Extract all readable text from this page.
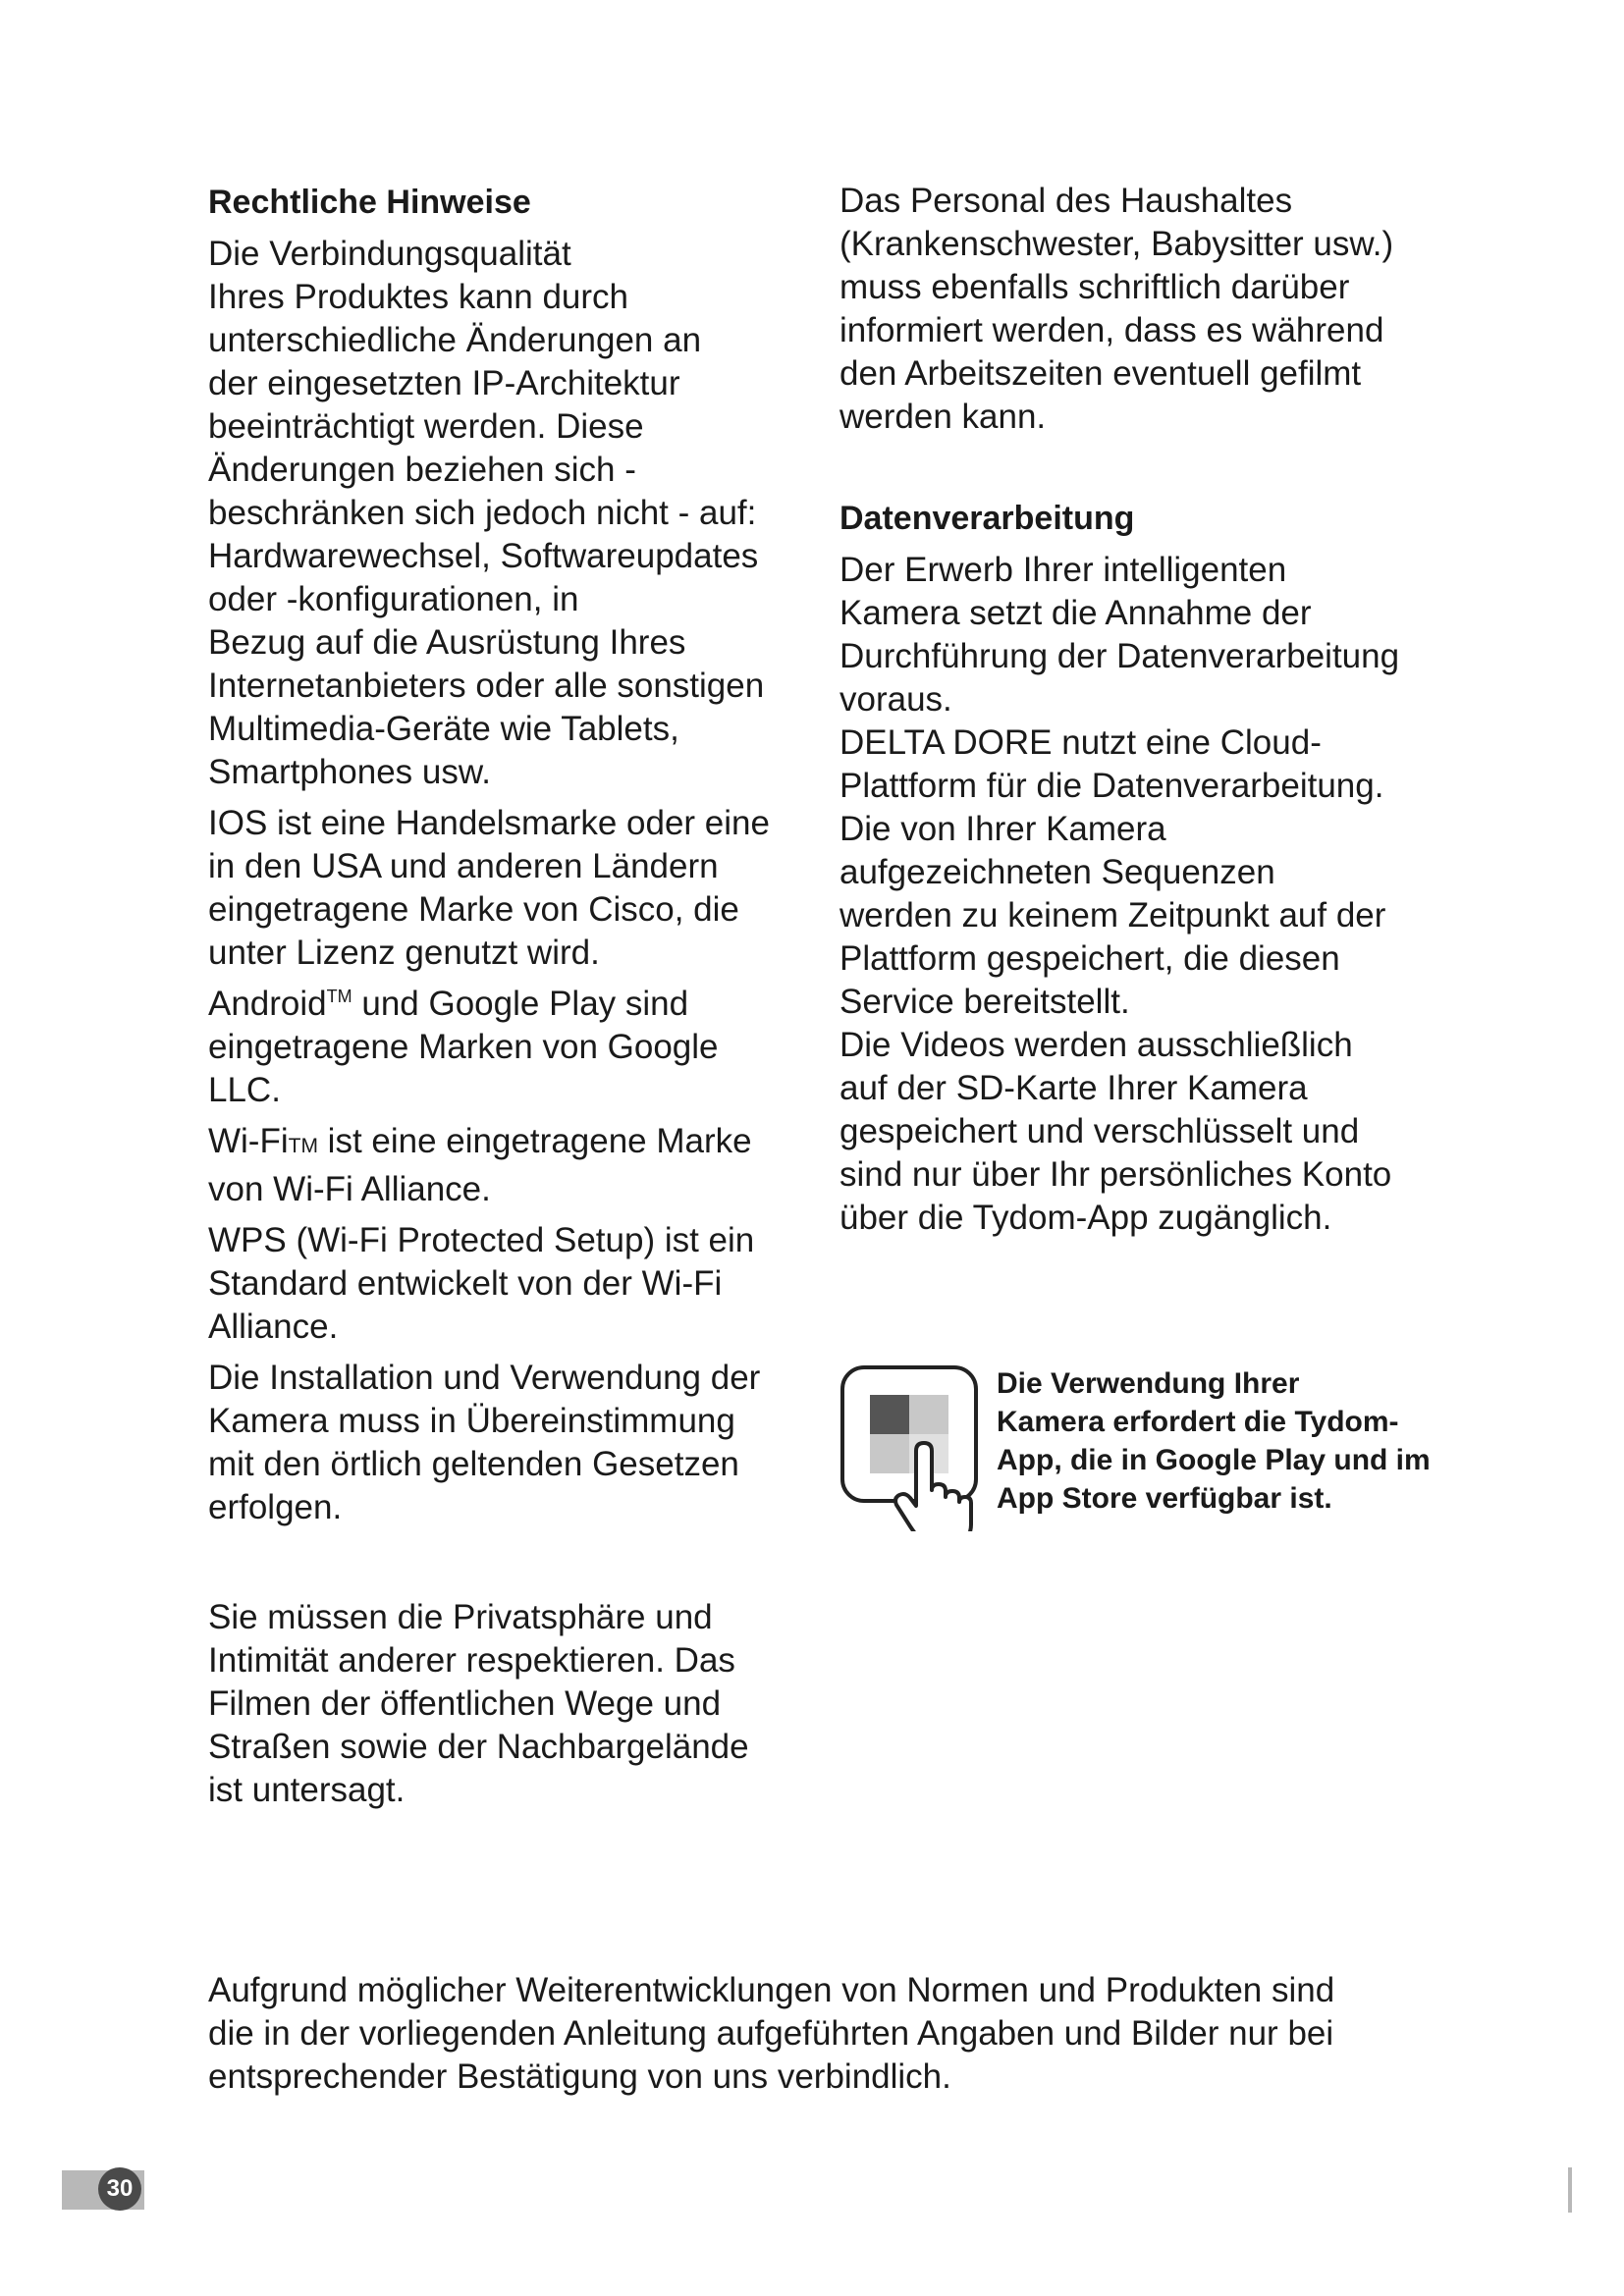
Rechtliche Hinweise

Die Verbindungsqualität
Ihres Produktes kann durch
unterschiedliche Änderungen an
der eingesetzten IP-Architektur
beeinträchtigt werden. Diese
Änderungen beziehen sich -
beschränken sich jedoch nicht - auf:
Hardwarewechsel, Softwareupdates
oder -konfigurationen, in
Bezug auf die Ausrüstung Ihres
Internetanbieters oder alle sonstigen
Multimedia-Geräte wie Tablets,
Smartphones usw.

IOS ist eine Handelsmarke oder eine
in den USA und anderen Ländern
eingetragene Marke von Cisco, die
unter Lizenz genutzt wird.

Android™ und Google Play sind
eingetragene Marken von Google
LLC.

Wi-FiTM ist eine eingetragene Marke
von Wi-Fi Alliance.

WPS (Wi-Fi Protected Setup) ist ein
Standard entwickelt von der Wi-Fi
Alliance.

Die Installation und Verwendung der
Kamera muss in Übereinstimmung
mit den örtlich geltenden Gesetzen
erfolgen.

Sie müssen die Privatsphäre und
Intimität anderer respektieren. Das
Filmen der öffentlichen Wege und
Straßen sowie der Nachbargelände
ist untersagt.

Das Personal des Haushaltes
(Krankenschwester, Babysitter usw.)
muss ebenfalls schriftlich darüber
informiert werden, dass es während
den Arbeitszeiten eventuell gefilmt
werden kann.

Datenverarbeitung

Der Erwerb Ihrer intelligenten
Kamera setzt die Annahme der
Durchführung der Datenverarbeitung
voraus.

DELTA DORE nutzt eine Cloud-
Plattform für die Datenverarbeitung.

Die von Ihrer Kamera
aufgezeichneten Sequenzen
werden zu keinem Zeitpunkt auf der
Plattform gespeichert, die diesen
Service bereitstellt.

Die Videos werden ausschließlich
auf der SD-Karte Ihrer Kamera
gespeichert und verschlüsselt und
sind nur über Ihr persönliches Konto
über die Tydom-App zugänglich.

Die Verwendung Ihrer
Kamera erfordert die Tydom-
App, die in Google Play und im
App Store verfügbar ist.
Aufgrund möglicher Weiterentwicklungen von Normen und Produkten sind
die in der vorliegenden Anleitung aufgeführten Angaben und Bilder nur bei
entsprechender Bestätigung von uns verbindlich.
30
